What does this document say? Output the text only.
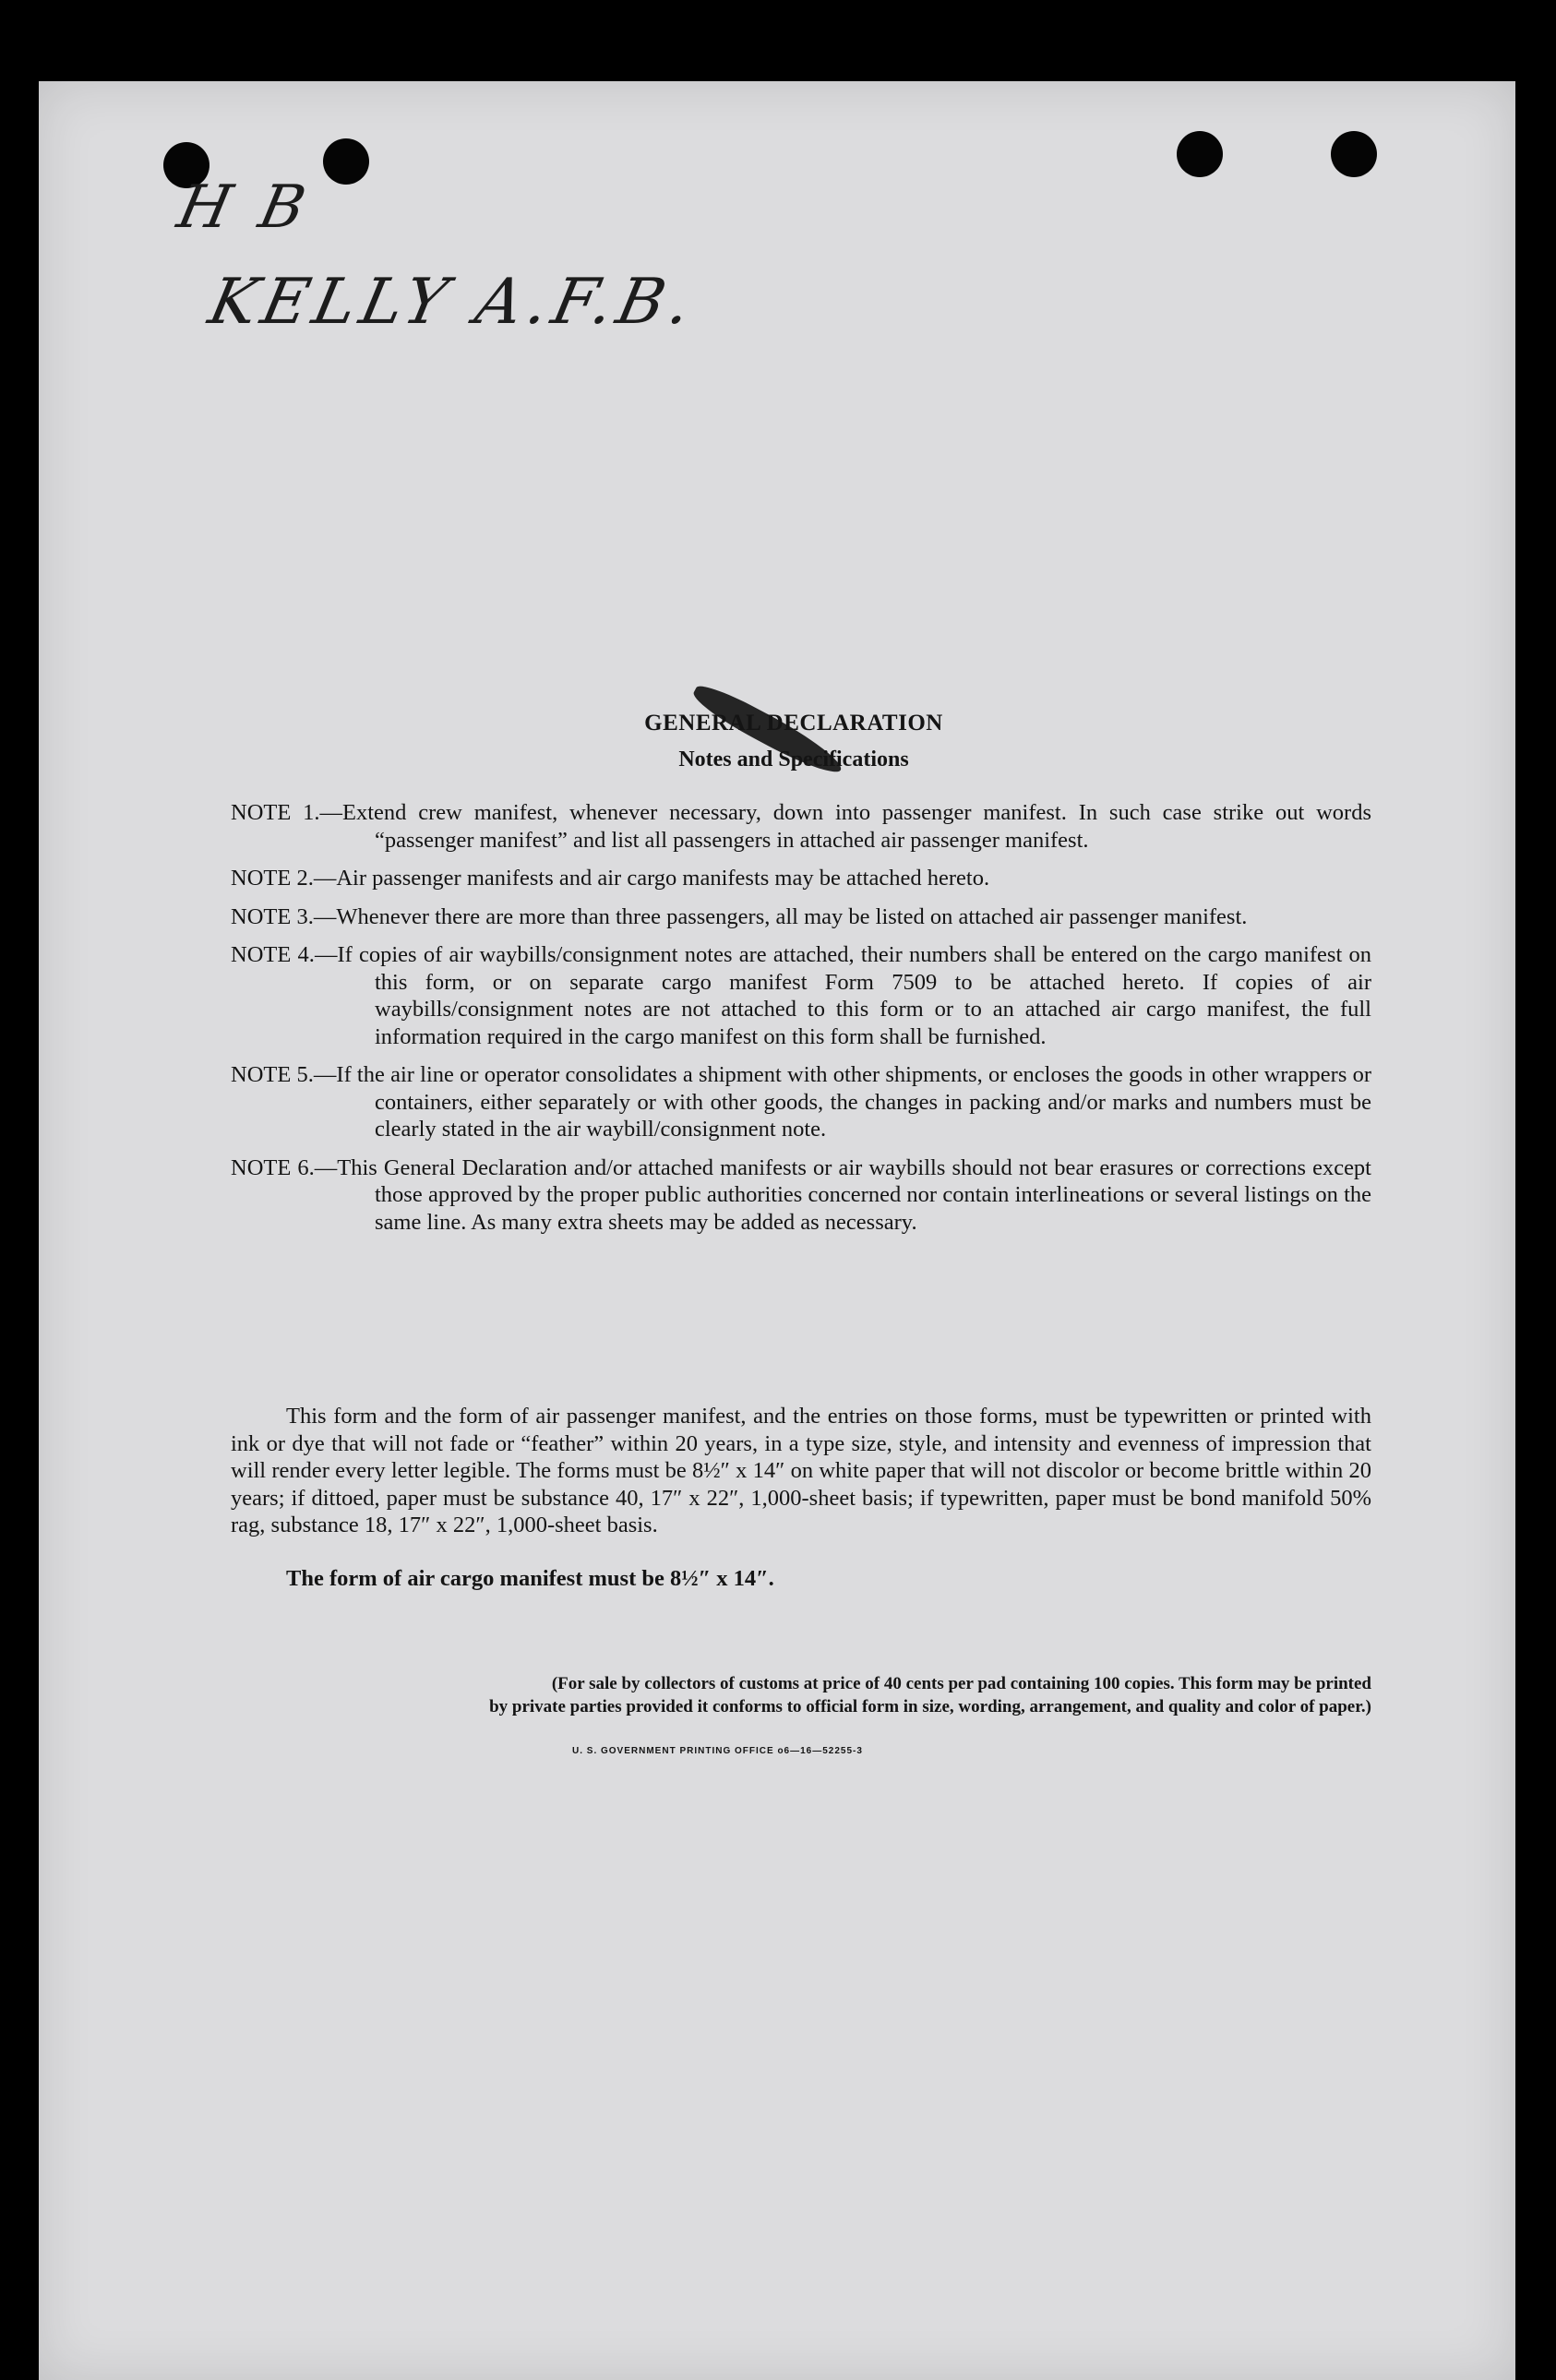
H B
KELLY A.F.B.
GENERAL DECLARATION
Notes and Specifications
NOTE 1.—Extend crew manifest, whenever necessary, down into passenger manifest. In such case strike out words “passenger manifest” and list all passengers in attached air passenger manifest.
NOTE 2.—Air passenger manifests and air cargo manifests may be attached hereto.
NOTE 3.—Whenever there are more than three passengers, all may be listed on attached air passenger manifest.
NOTE 4.—If copies of air waybills/consignment notes are attached, their numbers shall be entered on the cargo manifest on this form, or on separate cargo manifest Form 7509 to be attached hereto. If copies of air waybills/consignment notes are not attached to this form or to an attached air cargo manifest, the full information required in the cargo manifest on this form shall be furnished.
NOTE 5.—If the air line or operator consolidates a shipment with other shipments, or encloses the goods in other wrappers or containers, either separately or with other goods, the changes in packing and/or marks and numbers must be clearly stated in the air waybill/consignment note.
NOTE 6.—This General Declaration and/or attached manifests or air waybills should not bear erasures or corrections except those approved by the proper public authorities concerned nor contain interlineations or several listings on the same line. As many extra sheets may be added as necessary.
This form and the form of air passenger manifest, and the entries on those forms, must be typewritten or printed with ink or dye that will not fade or “feather” within 20 years, in a type size, style, and intensity and evenness of impression that will render every letter legible. The forms must be 8½″ x 14″ on white paper that will not discolor or become brittle within 20 years; if dittoed, paper must be substance 40, 17″ x 22″, 1,000-sheet basis; if typewritten, paper must be bond manifold 50% rag, substance 18, 17″ x 22″, 1,000-sheet basis.
The form of air cargo manifest must be 8½″ x 14″.
(For sale by collectors of customs at price of 40 cents per pad containing 100 copies. This form may be printed
by private parties provided it conforms to official form in size, wording, arrangement, and quality and color of paper.)
U. S. GOVERNMENT PRINTING OFFICE o6—16—52255-3
